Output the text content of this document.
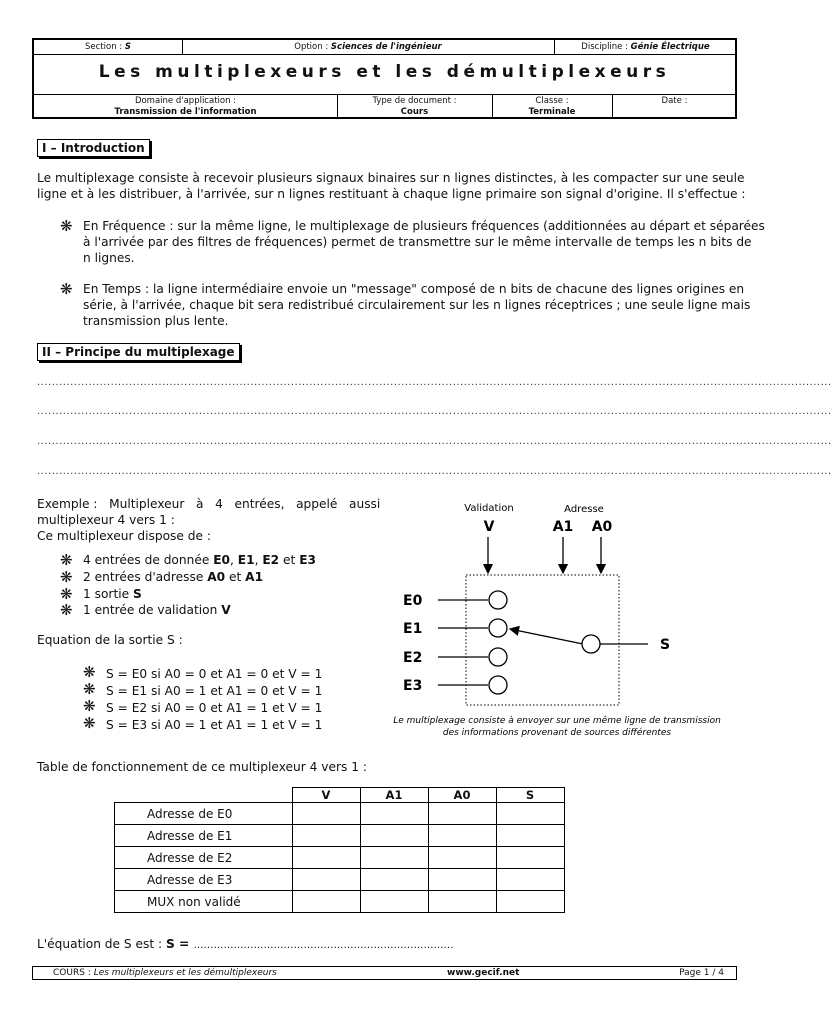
Section : S	Option : Sciences de l'ingénieur	Discipline : Génie Électrique
Les multiplexeurs et les démultiplexeurs
Domaine d'application :
Transmission de l'information
Type de document :
Cours
Classe :
Terminale
Date :
I – Introduction
Le multiplexage consiste à recevoir plusieurs signaux binaires sur n lignes distinctes, à les compacter sur une seule
ligne et à les distribuer, à l'arrivée, sur n lignes restituant à chaque ligne primaire son signal d'origine. Il s'effectue :
❋ En Fréquence : sur la même ligne, le multiplexage de plusieurs fréquences (additionnées au départ et séparées
à l'arrivée par des filtres de fréquences) permet de transmettre sur le même intervalle de temps les n bits de
n lignes.
❋ En Temps : la ligne intermédiaire envoie un "message" composé de n bits de chacune des lignes origines en
série, à l'arrivée, chaque bit sera redistribué circulairement sur les n lignes réceptrices ; une seule ligne mais
transmission plus lente.
II – Principe du multiplexage
........................................................................................................................................................................................................................
........................................................................................................................................................................................................................
........................................................................................................................................................................................................................
........................................................................................................................................................................................................................
Exemple :   Multiplexeur   à   4   entrées,   appelé   aussi
multiplexeur 4 vers 1 :
Ce multiplexeur dispose de :
❋ 4 entrées de donnée E0, E1, E2 et E3
❋ 2 entrées d'adresse A0 et A1
❋ 1 sortie S
❋ 1 entrée de validation V
Equation de la sortie S :
❋ S = E0 si A0 = 0 et A1 = 0 et V = 1
❋ S = E1 si A0 = 1 et A1 = 0 et V = 1
❋ S = E2 si A0 = 0 et A1 = 1 et V = 1
❋ S = E3 si A0 = 1 et A1 = 1 et V = 1
Validation	Adresse
V	A1 A0
E0
E1
E2
E3
S
Le multiplexage consiste à envoyer sur une même ligne de transmission
des informations provenant de sources différentes
Table de fonctionnement de ce multiplexeur 4 vers 1 :
	V	A1	A0	S
Adresse de E0				
Adresse de E1				
Adresse de E2				
Adresse de E3				
MUX non validé				
L'équation de S est : S = ……………………………………………………………………
COURS : Les multiplexeurs et les démultiplexeurs	www.gecif.net	Page 1 / 4
